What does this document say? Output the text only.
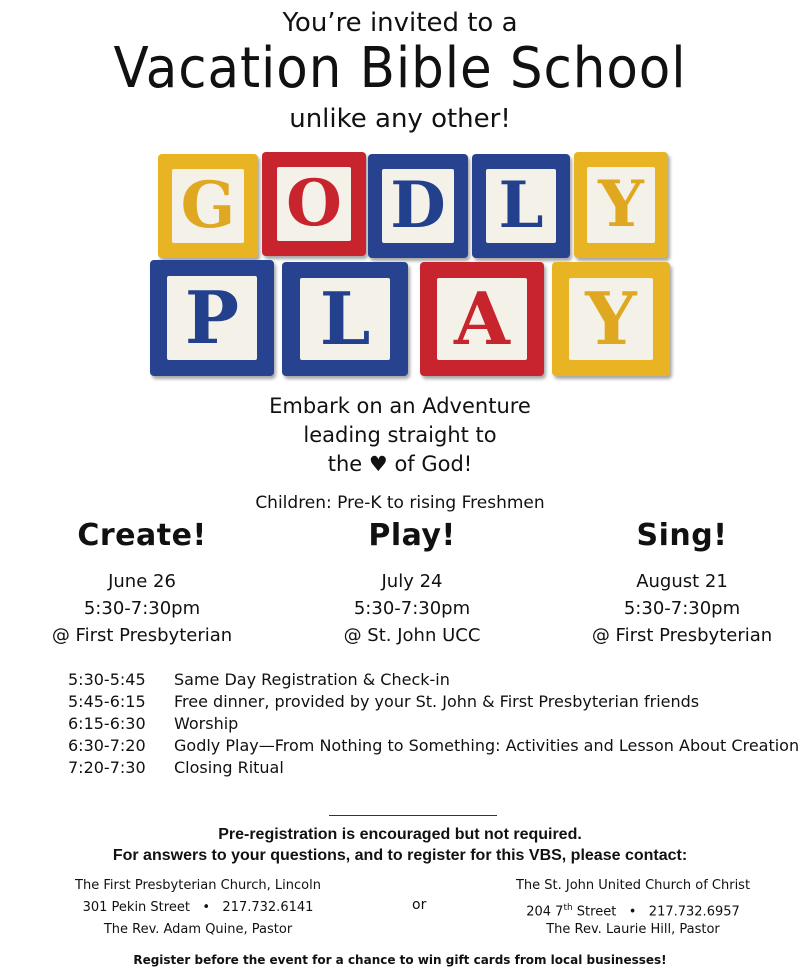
You’re invited to a
Vacation Bible School
unlike any other!
G O D L Y
P L A Y
Embark on an Adventure
leading straight to
the ♥ of God!
Children: Pre-K to rising Freshmen
Create!
June 26
5:30-7:30pm
@ First Presbyterian
Play!
July 24
5:30-7:30pm
@ St. John UCC
Sing!
August 21
5:30-7:30pm
@ First Presbyterian
5:30-5:45	Same Day Registration & Check-in
5:45-6:15	Free dinner, provided by your St. John & First Presbyterian friends
6:15-6:30	Worship
6:30-7:20	Godly Play—From Nothing to Something: Activities and Lesson About Creation
7:20-7:30	Closing Ritual
Pre-registration is encouraged but not required.
For answers to your questions, and to register for this VBS, please contact:
The First Presbyterian Church, Lincoln
301 Pekin Street • 217.732.6141
The Rev. Adam Quine, Pastor
or
The St. John United Church of Christ
204 7th Street • 217.732.6957
The Rev. Laurie Hill, Pastor
Register before the event for a chance to win gift cards from local businesses!
